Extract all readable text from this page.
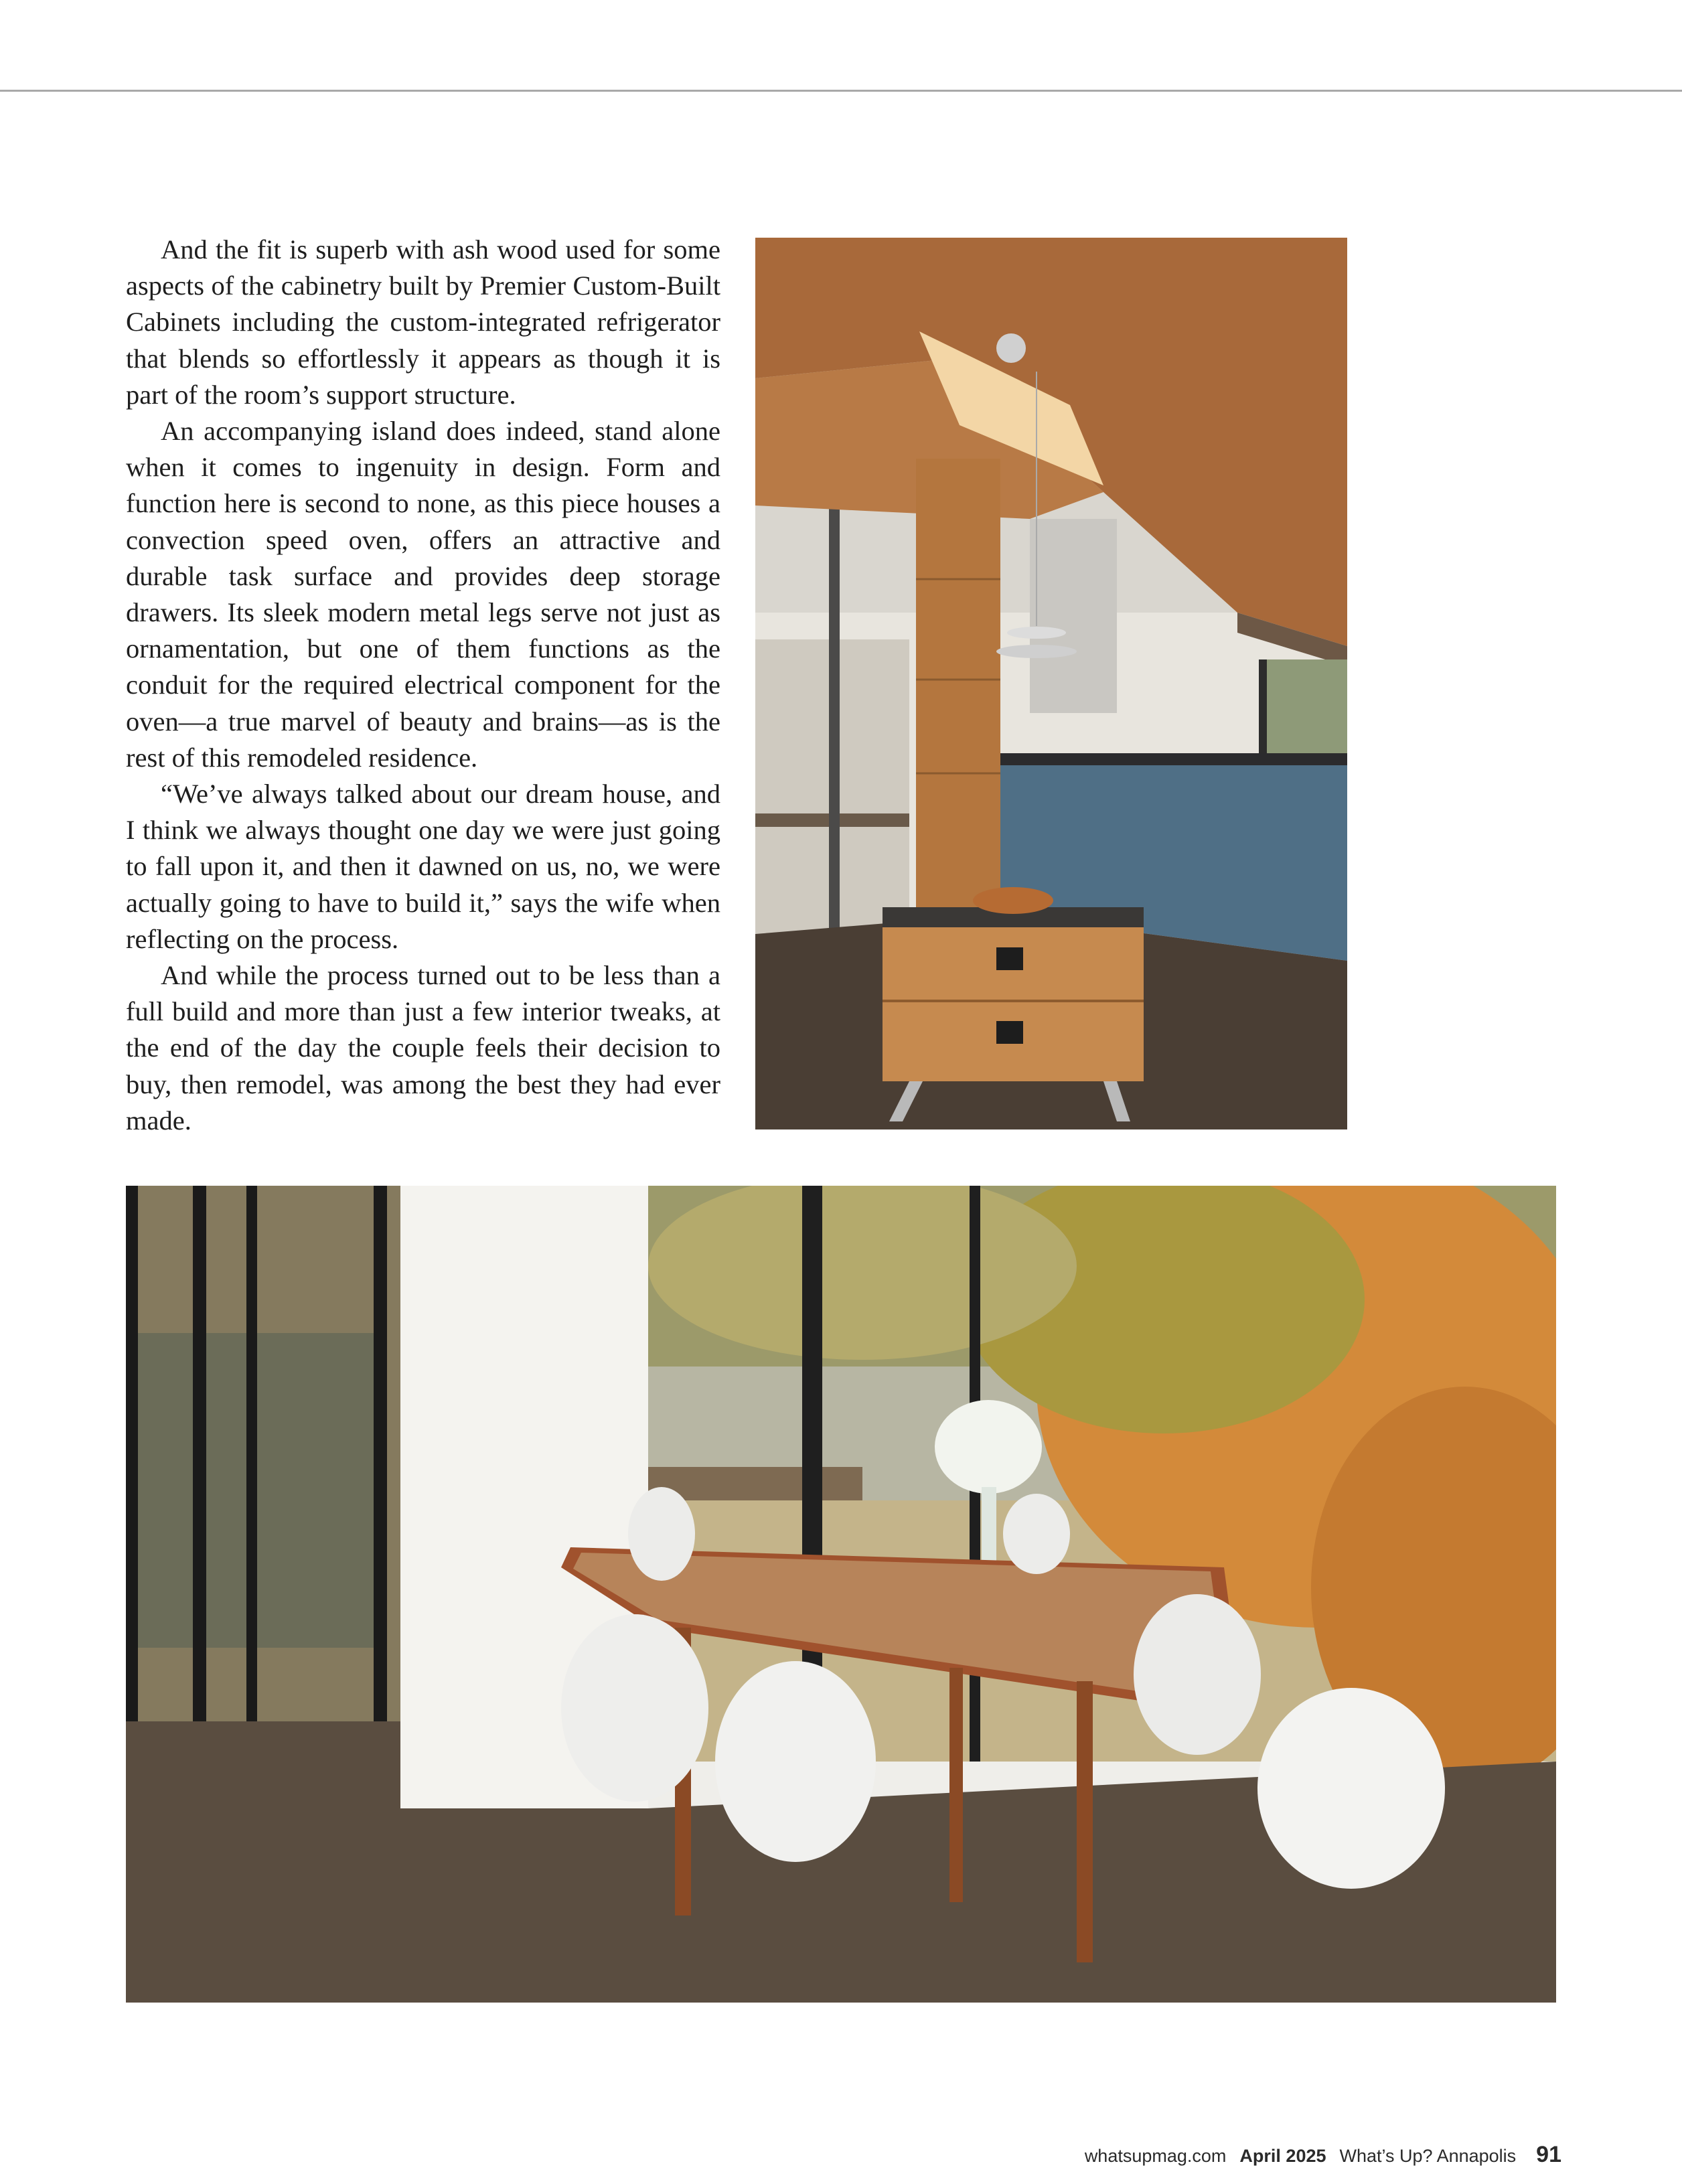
And the fit is superb with ash wood used for some aspects of the cabinetry built by Premier Custom-Built Cabinets including the custom-integrated refrigerator that blends so effortlessly it appears as though it is part of the room’s support structure.

An accompanying island does indeed, stand alone when it comes to ingenuity in design. Form and function here is second to none, as this piece houses a convection speed oven, offers an attractive and durable task surface and provides deep storage drawers. Its sleek modern metal legs serve not just as ornamentation, but one of them functions as the conduit for the required electrical component for the oven—a true marvel of beauty and brains—as is the rest of this remodeled residence.

“We’ve always talked about our dream house, and I think we always thought one day we were just going to fall upon it, and then it dawned on us, no, we were actually going to have to build it,” says the wife when reflecting on the process.

And while the process turned out to be less than a full build and more than just a few interior tweaks, at the end of the day the couple feels their decision to buy, then remodel, was among the best they had ever made.

whatsupmag.com April 2025 What’s Up? Annapolis 91
